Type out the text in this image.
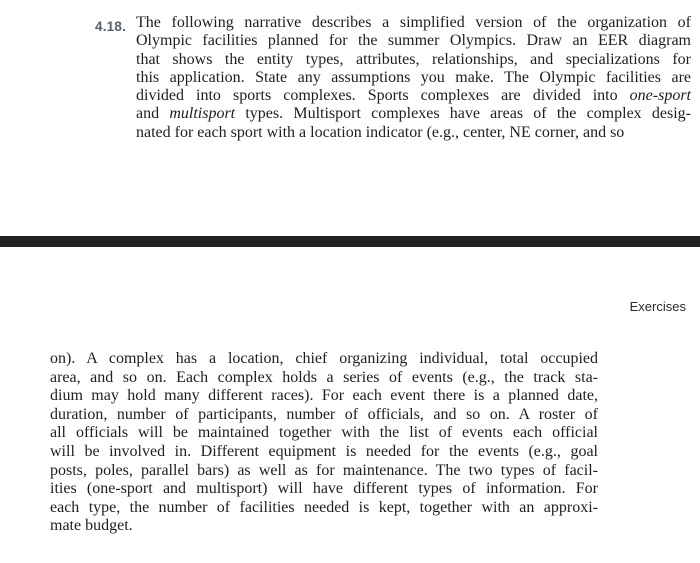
4.18. The following narrative describes a simplified version of the organization of
Olympic facilities planned for the summer Olympics. Draw an EER diagram
that shows the entity types, attributes, relationships, and specializations for
this application. State any assumptions you make. The Olympic facilities are
divided into sports complexes. Sports complexes are divided into one-sport
and multisport types. Multisport complexes have areas of the complex desig-
nated for each sport with a location indicator (e.g., center, NE corner, and so
Exercises
on). A complex has a location, chief organizing individual, total occupied
area, and so on. Each complex holds a series of events (e.g., the track sta-
dium may hold many different races). For each event there is a planned date,
duration, number of participants, number of officials, and so on. A roster of
all officials will be maintained together with the list of events each official
will be involved in. Different equipment is needed for the events (e.g., goal
posts, poles, parallel bars) as well as for maintenance. The two types of facil-
ities (one-sport and multisport) will have different types of information. For
each type, the number of facilities needed is kept, together with an approxi-
mate budget.
